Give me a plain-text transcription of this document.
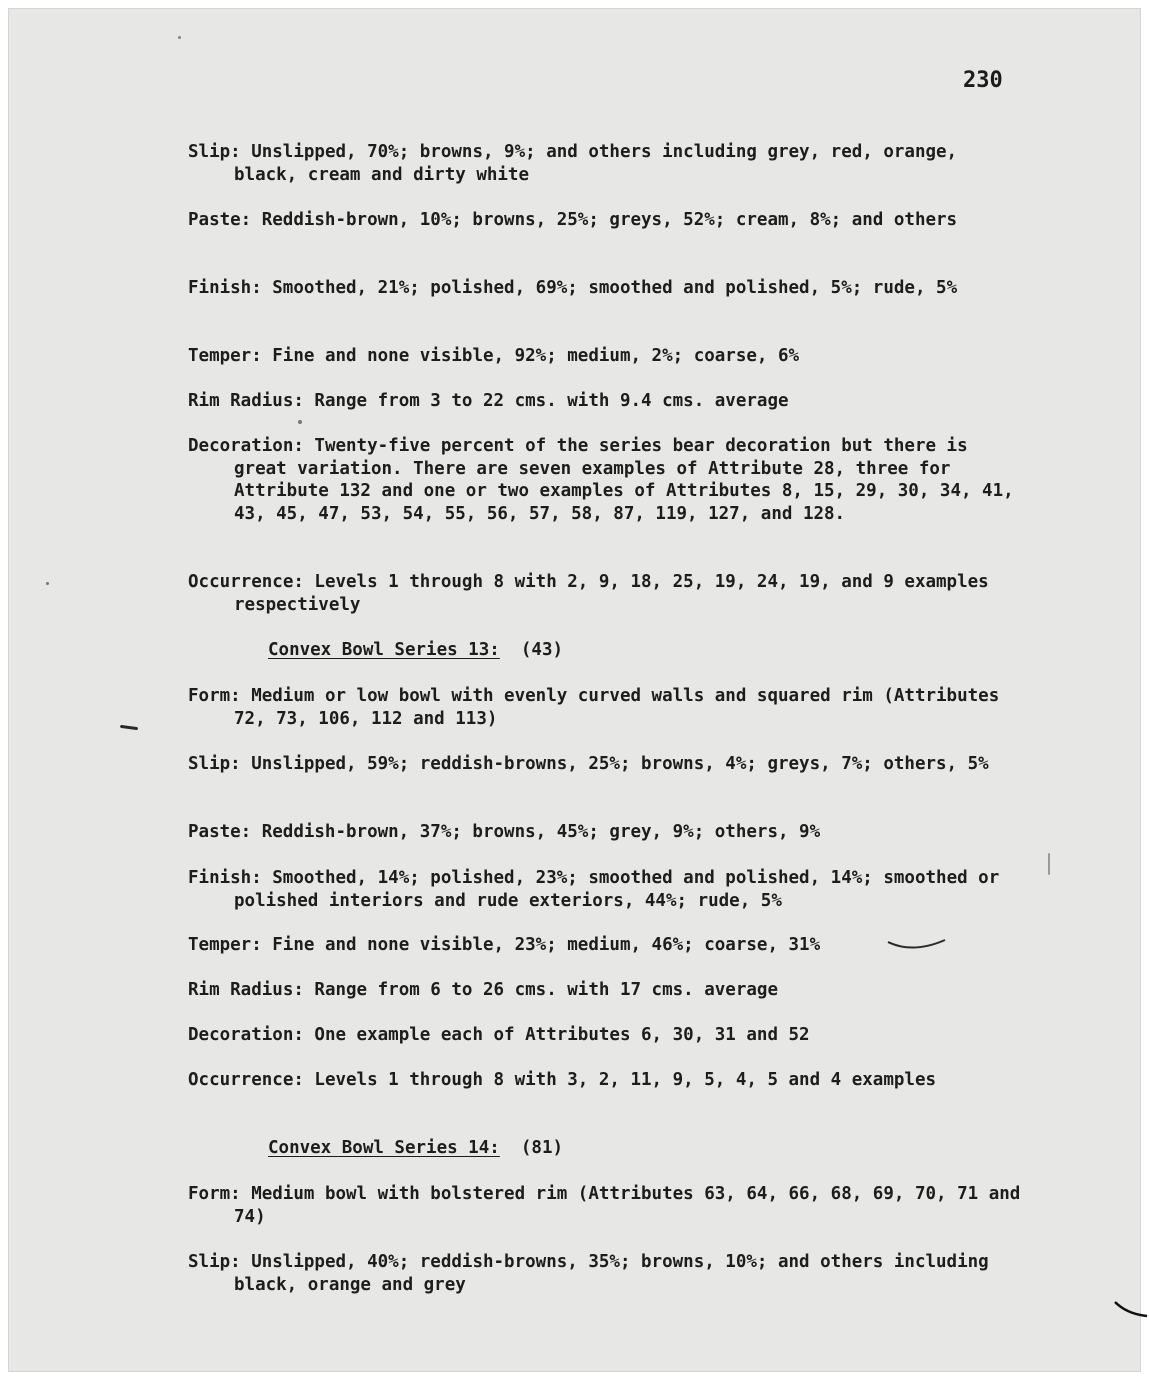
230
Slip: Unslipped, 70%; browns, 9%; and others including grey, red, orange, black, cream and dirty white
Paste: Reddish-brown, 10%; browns, 25%; greys, 52%; cream, 8%; and others
Finish: Smoothed, 21%; polished, 69%; smoothed and polished, 5%; rude, 5%
Temper: Fine and none visible, 92%; medium, 2%; coarse, 6%
Rim Radius: Range from 3 to 22 cms. with 9.4 cms. average
Decoration: Twenty-five percent of the series bear decoration but there is great variation. There are seven examples of Attribute 28, three for Attribute 132 and one or two examples of Attributes 8, 15, 29, 30, 34, 41, 43, 45, 47, 53, 54, 55, 56, 57, 58, 87, 119, 127, and 128.
Occurrence: Levels 1 through 8 with 2, 9, 18, 25, 19, 24, 19, and 9 examples respectively
Convex Bowl Series 13: (43)
Form: Medium or low bowl with evenly curved walls and squared rim (Attributes 72, 73, 106, 112 and 113)
Slip: Unslipped, 59%; reddish-browns, 25%; browns, 4%; greys, 7%; others, 5%
Paste: Reddish-brown, 37%; browns, 45%; grey, 9%; others, 9%
Finish: Smoothed, 14%; polished, 23%; smoothed and polished, 14%; smoothed or polished interiors and rude exteriors, 44%; rude, 5%
Temper: Fine and none visible, 23%; medium, 46%; coarse, 31%
Rim Radius: Range from 6 to 26 cms. with 17 cms. average
Decoration: One example each of Attributes 6, 30, 31 and 52
Occurrence: Levels 1 through 8 with 3, 2, 11, 9, 5, 4, 5 and 4 examples
Convex Bowl Series 14: (81)
Form: Medium bowl with bolstered rim (Attributes 63, 64, 66, 68, 69, 70, 71 and 74)
Slip: Unslipped, 40%; reddish-browns, 35%; browns, 10%; and others including black, orange and grey
